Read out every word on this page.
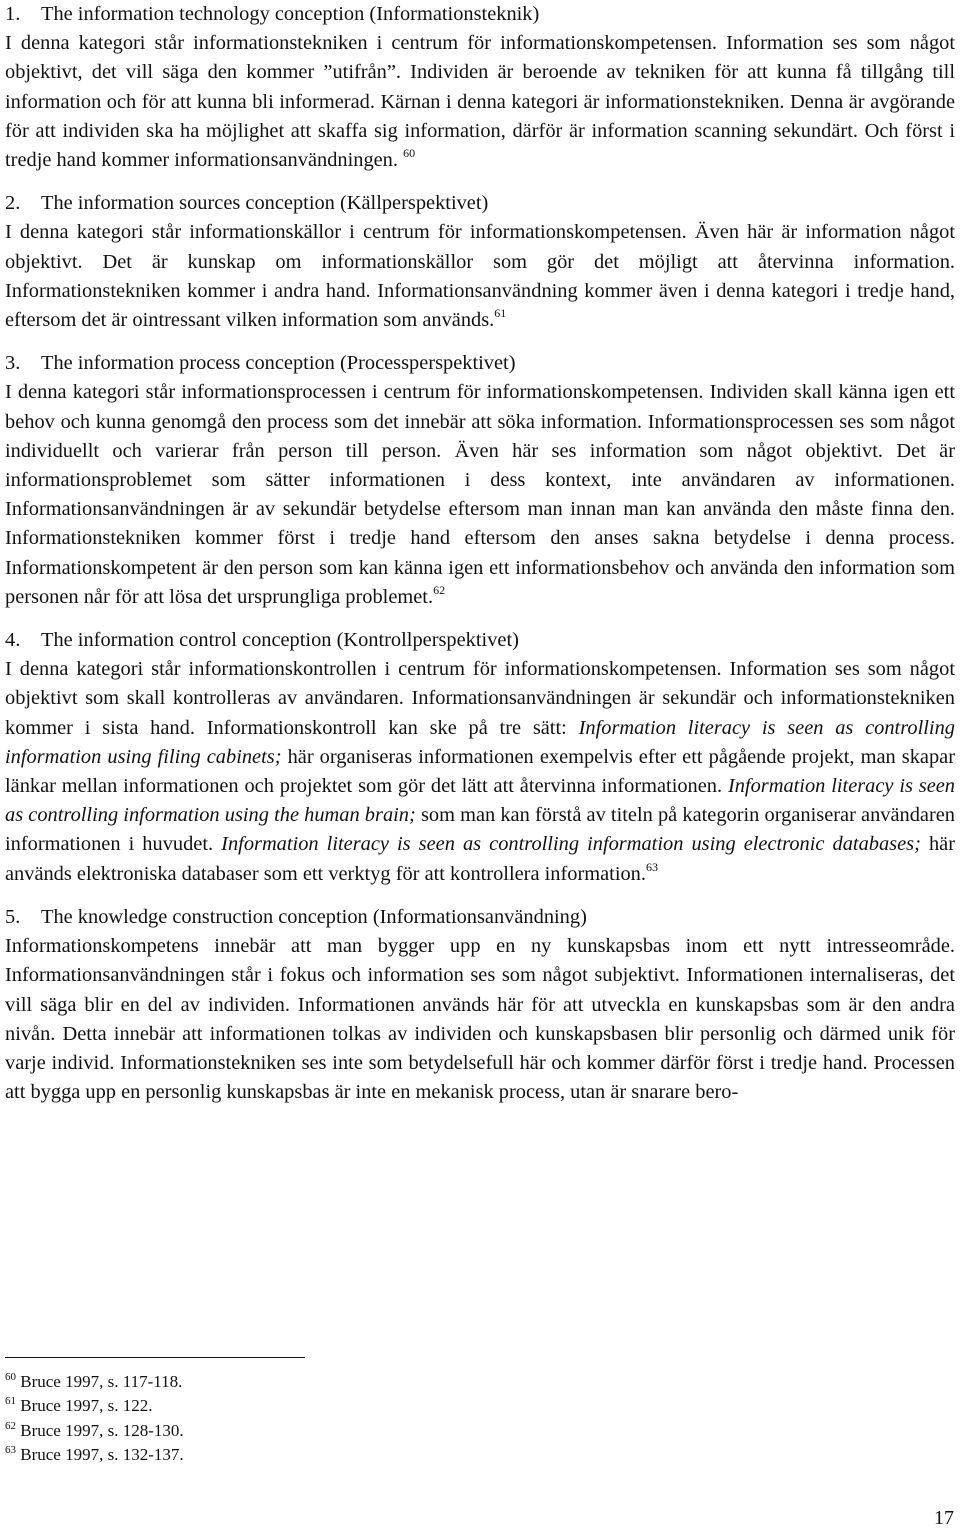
1. The information technology conception (Informationsteknik)
I denna kategori står informationstekniken i centrum för informationskompetensen. Information ses som något objektivt, det vill säga den kommer ”utifrån”. Individen är beroende av tekniken för att kunna få tillgång till information och för att kunna bli informerad. Kärnan i denna kategori är informationstekniken. Denna är avgörande för att individen ska ha möjlighet att skaffa sig information, därför är information scanning sekundärt. Och först i tredje hand kommer informationsanvändningen. $^{60}$
2. The information sources conception (Källperspektivet)
I denna kategori står informationskällor i centrum för informationskompetensen. Även här är information något objektivt. Det är kunskap om informationskällor som gör det möjligt att återvinna information. Informationstekniken kommer i andra hand. Informationsanvändning kommer även i denna kategori i tredje hand, eftersom det är ointressant vilken information som används.$^{61}$
3. The information process conception (Processperspektivet)
I denna kategori står informationsprocessen i centrum för informationskompetensen. Individen skall känna igen ett behov och kunna genomgå den process som det innebär att söka information. Informationsprocessen ses som något individuellt och varierar från person till person. Även här ses information som något objektivt. Det är informationsproblemet som sätter informationen i dess kontext, inte användaren av informationen. Informationsanvändningen är av sekundär betydelse eftersom man innan man kan använda den måste finna den. Informationstekniken kommer först i tredje hand eftersom den anses sakna betydelse i denna process. Informationskompetent är den person som kan känna igen ett informationsbehov och använda den information som personen når för att lösa det ursprungliga problemet.$^{62}$
4. The information control conception (Kontrollperspektivet)
I denna kategori står informationskontrollen i centrum för informationskompetensen. Information ses som något objektivt som skall kontrolleras av användaren. Informationsanvändningen är sekundär och informationstekniken kommer i sista hand. Informationskontroll kan ske på tre sätt: Information literacy is seen as controlling information using filing cabinets; här organiseras informationen exempelvis efter ett pågående projekt, man skapar länkar mellan informationen och projektet som gör det lätt att återvinna informationen. Information literacy is seen as controlling information using the human brain; som man kan förstå av titeln på kategorin organiserar användaren informationen i huvudet. Information literacy is seen as controlling information using electronic databases; här används elektroniska databaser som ett verktyg för att kontrollera information.$^{63}$
5. The knowledge construction conception (Informationsanvändning)
Informationskompetens innebär att man bygger upp en ny kunskapsbas inom ett nytt intresseområde. Informationsanvändningen står i fokus och information ses som något subjektivt. Informationen internaliseras, det vill säga blir en del av individen. Informationen används här för att utveckla en kunskapsbas som är den andra nivån. Detta innebär att informationen tolkas av individen och kunskapsbasen blir personlig och därmed unik för varje individ. Informationstekniken ses inte som betydelsefull här och kommer därför först i tredje hand. Processen att bygga upp en personlig kunskapsbas är inte en mekanisk process, utan är snarare bero-
$^{60}$ Bruce 1997, s. 117-118.
$^{61}$ Bruce 1997, s. 122.
$^{62}$ Bruce 1997, s. 128-130.
$^{63}$ Bruce 1997, s. 132-137.
17
